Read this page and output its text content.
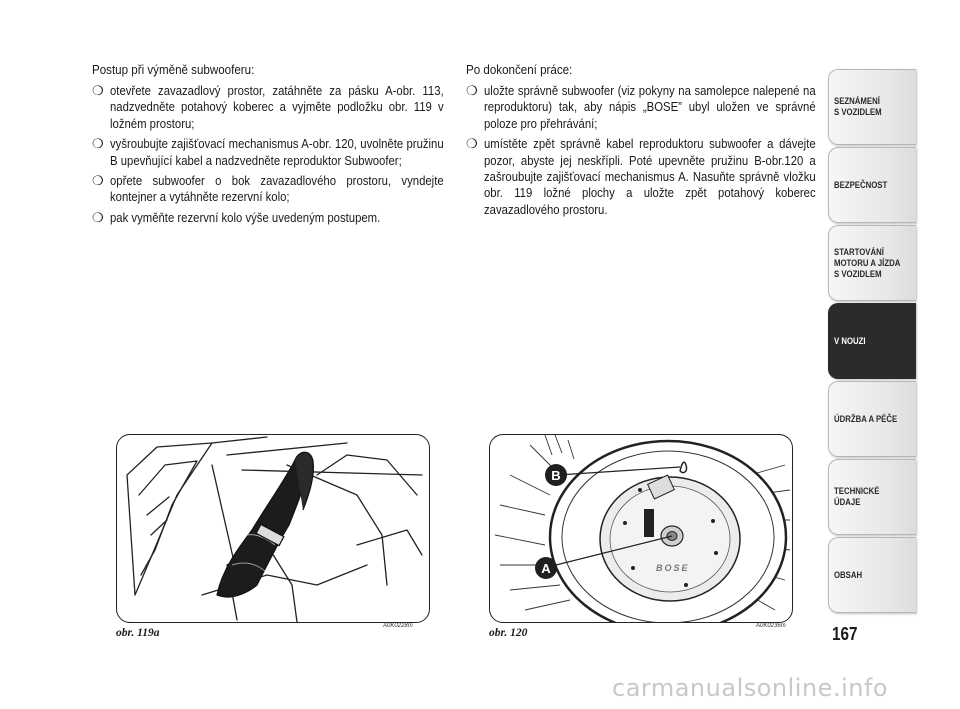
Postup při výměně subwooferu:

❍ otevřete zavazadlový prostor, zatáhněte za pásku A-obr. 113, nadzvedněte potahový koberec a vyjměte podložku obr. 119 v ložném prostoru;
❍ vyšroubujte zajišťovací mechanismus A-obr. 120, uvolněte pružinu B upevňující kabel a nadzvedněte reproduktor Subwoofer;
❍ opřete subwoofer o bok zavazadlového prostoru, vyndejte kontejner a vytáhněte rezervní kolo;
❍ pak vyměňte rezervní kolo výše uvedeným postupem.

Po dokončení práce:

❍ uložte správně subwoofer (viz pokyny na samolepce nalepené na reproduktoru) tak, aby nápis „BOSE” ubyl uložen ve správné poloze pro přehrávání;
❍ umístěte zpět správně kabel reproduktoru subwoofer a dávejte pozor, abyste jej neskřípli. Poté upevněte pružinu B-obr.120 a zašroubujte zajišťovací mechanismus A. Nasuňte správně vložku obr. 119 ložné plochy a uložte zpět potahový koberec zavazadlového prostoru.
BOSE
B
A
obr. 119a
A0K0228m
obr. 120
A0K0236m
SEZNÁMENÍ
S VOZIDLEM
BEZPEČNOST
STARTOVÁNÍ
MOTORU A JÍZDA
S VOZIDLEM
V NOUZI
ÚDRŽBA A PÉČE
TECHNICKÉ
ÚDAJE
OBSAH
167
carmanualsonline.info
